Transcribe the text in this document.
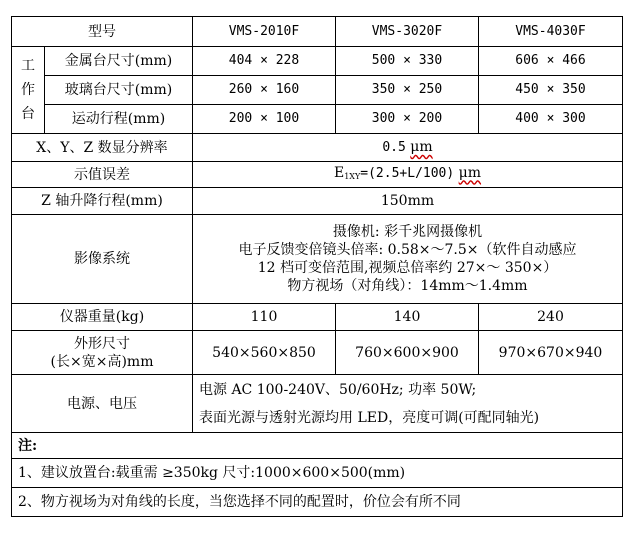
型号		VMS-2010F	VMS-3020F	VMS-4030F

工
作
台	金属台尺寸(mm)	404 × 228	500 × 330	606 × 466
	玻璃台尺寸(mm)	260 × 160	350 × 250	450 × 350
	运动行程(mm)	200 × 100	300 × 200	400 × 300
X、Y、Z 数显分辨率		0.5 μm		
示值误差		$E_{1XY}=(2.5+L/100)$ μm		
Z 轴升降行程(mm)		150mm		
影像系统		摄像机: 彩千兆网摄像机
电子反馈变倍镜头倍率: 0.58×～7.5×（软件自动感应
12 档可变倍范围,视频总倍率约 27×～ 350×）
物方视场（对角线）：14mm～1.4mm		

仪器重量(kg)		110	140	240

外形尺寸
(长×宽×高)mm		540×560×850	760×600×900	970×670×940
电源、电压		电源 AC 100-240V、50/60Hz; 功率 50W;
表面光源与透射光源均用 LED，亮度可调(可配同轴光)		

注:				
1、建议放置台:载重需 ≥350kg 尺寸:1000×600×500(mm)				
2、物方视场为对角线的长度，当您选择不同的配置时，价位会有所不同				
